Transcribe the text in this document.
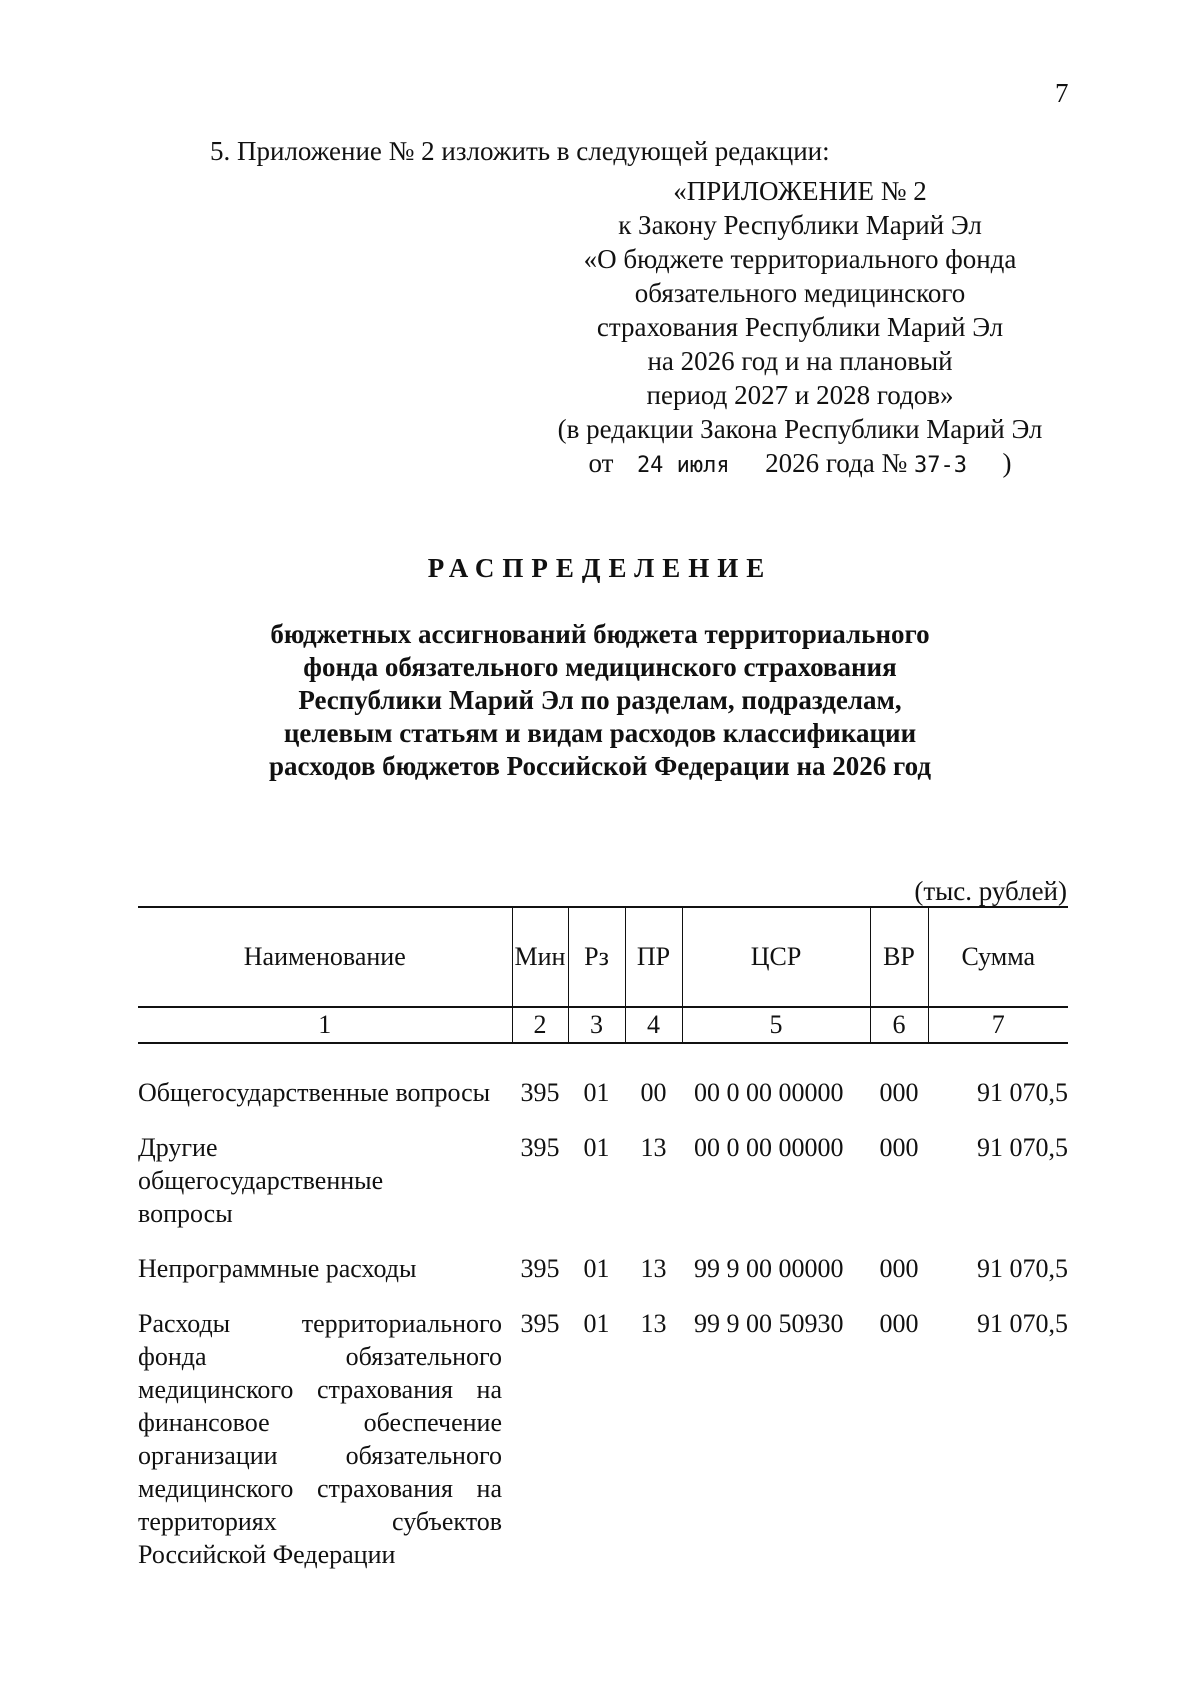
7
5. Приложение № 2 изложить в следующей редакции:
«ПРИЛОЖЕНИЕ № 2
к Закону Республики Марий Эл
«О бюджете территориального фонда
обязательного медицинского
страхования Республики Марий Эл
на 2026 год и на плановый
период 2027 и 2028 годов»
(в редакции Закона Республики Марий Эл
от 24 июля 2026 года № 37-З )
РАСПРЕДЕЛЕНИЕ
бюджетных ассигнований бюджета территориального
фонда обязательного медицинского страхования
Республики Марий Эл по разделам, подразделам,
целевым статьям и видам расходов классификации
расходов бюджетов Российской Федерации на 2026 год
(тыс. рублей)
Наименование	Мин	Рз	ПР	ЦСР	ВР	Сумма
1	2	3	4	5	6	7
Общегосударственные вопросы	395	01	00	00 0 00 00000	000	91 070,5
Другие общегосударственные вопросы	395	01	13	00 0 00 00000	000	91 070,5
Непрограммные расходы	395	01	13	99 9 00 00000	000	91 070,5
Расходы территориального фонда обязательного медицинского страхования на финансовое обеспечение организации обязательного медицинского страхования на территориях субъектов Российской Федерации	395	01	13	99 9 00 50930	000	91 070,5
